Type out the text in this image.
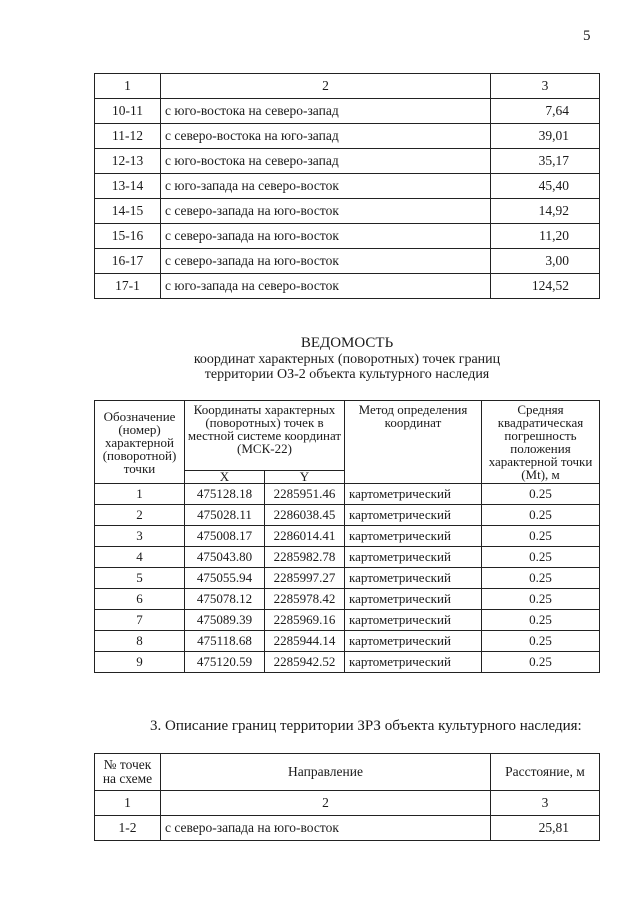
5
1	2	3
10-11	с юго-востока на северо-запад	7,64
11-12	с северо-востока на юго-запад	39,01
12-13	с юго-востока на северо-запад	35,17
13-14	с юго-запада на северо-восток	45,40
14-15	с северо-запада на юго-восток	14,92
15-16	с северо-запада на юго-восток	11,20
16-17	с северо-запада на юго-восток	3,00
17-1	с юго-запада на северо-восток	124,52
ВЕДОМОСТЬ
координат характерных (поворотных) точек границ
территории ОЗ-2 объекта культурного наследия
Обозначение (номер) характерной (поворотной) точки	Координаты характерных (поворотных) точек в местной системе координат (МСК-22)		Метод определения координат	Средняя квадратическая погрешность положения характерной точки (Mt), м
	X	Y		
1	475128.18	2285951.46	картометрический	0.25
2	475028.11	2286038.45	картометрический	0.25
3	475008.17	2286014.41	картометрический	0.25
4	475043.80	2285982.78	картометрический	0.25
5	475055.94	2285997.27	картометрический	0.25
6	475078.12	2285978.42	картометрический	0.25
7	475089.39	2285969.16	картометрический	0.25
8	475118.68	2285944.14	картометрический	0.25
9	475120.59	2285942.52	картометрический	0.25
3. Описание границ территории ЗРЗ объекта культурного наследия:
№ точек на схеме	Направление	Расстояние, м
1	2	3
1-2	с северо-запада на юго-восток	25,81
